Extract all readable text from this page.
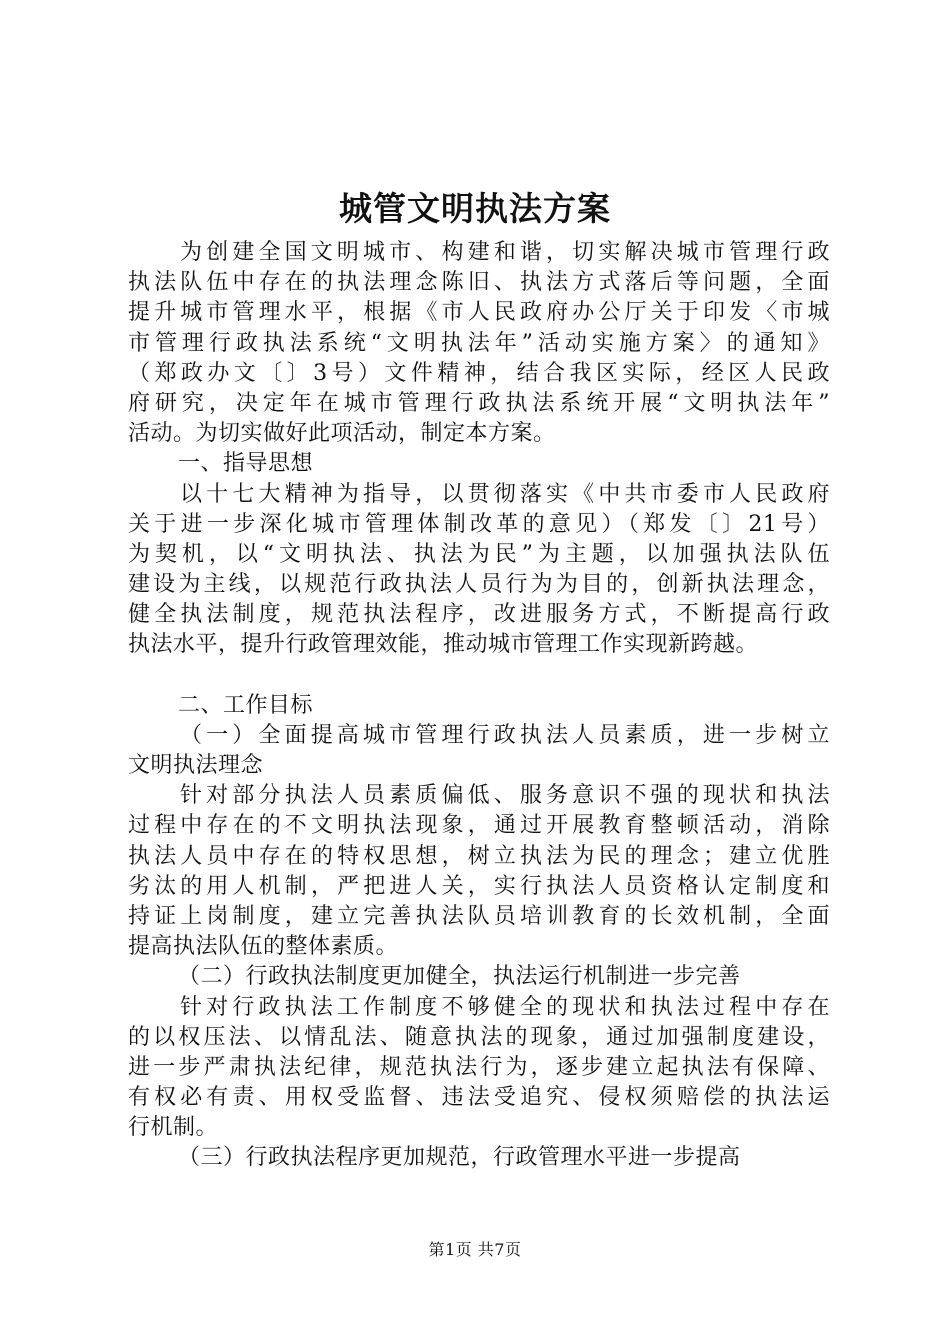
城管文明执法方案
为创建全国文明城市、构建和谐，切实解决城市管理行政
执法队伍中存在的执法理念陈旧、执法方式落后等问题，全面
提升城市管理水平，根据《市人民政府办公厅关于印发〈市城
市管理行政执法系统“文明执法年”活动实施方案〉的通知》
（郑政办文〔〕3号）文件精神，结合我区实际，经区人民政
府研究，决定年在城市管理行政执法系统开展“文明执法年”
活动。为切实做好此项活动，制定本方案。
一、指导思想
以十七大精神为指导，以贯彻落实《中共市委市人民政府
关于进一步深化城市管理体制改革的意见）（郑发〔〕21号）
为契机，以“文明执法、执法为民”为主题，以加强执法队伍
建设为主线，以规范行政执法人员行为为目的，创新执法理念，
健全执法制度，规范执法程序，改进服务方式，不断提高行政
执法水平，提升行政管理效能，推动城市管理工作实现新跨越。
二、工作目标
（一）全面提高城市管理行政执法人员素质，进一步树立
文明执法理念
针对部分执法人员素质偏低、服务意识不强的现状和执法
过程中存在的不文明执法现象，通过开展教育整顿活动，消除
执法人员中存在的特权思想，树立执法为民的理念；建立优胜
劣汰的用人机制，严把进人关，实行执法人员资格认定制度和
持证上岗制度，建立完善执法队员培训教育的长效机制，全面
提高执法队伍的整体素质。
（二）行政执法制度更加健全，执法运行机制进一步完善
针对行政执法工作制度不够健全的现状和执法过程中存在
的以权压法、以情乱法、随意执法的现象，通过加强制度建设，
进一步严肃执法纪律，规范执法行为，逐步建立起执法有保障、
有权必有责、用权受监督、违法受追究、侵权须赔偿的执法运
行机制。
（三）行政执法程序更加规范，行政管理水平进一步提高
第1页 共7页
